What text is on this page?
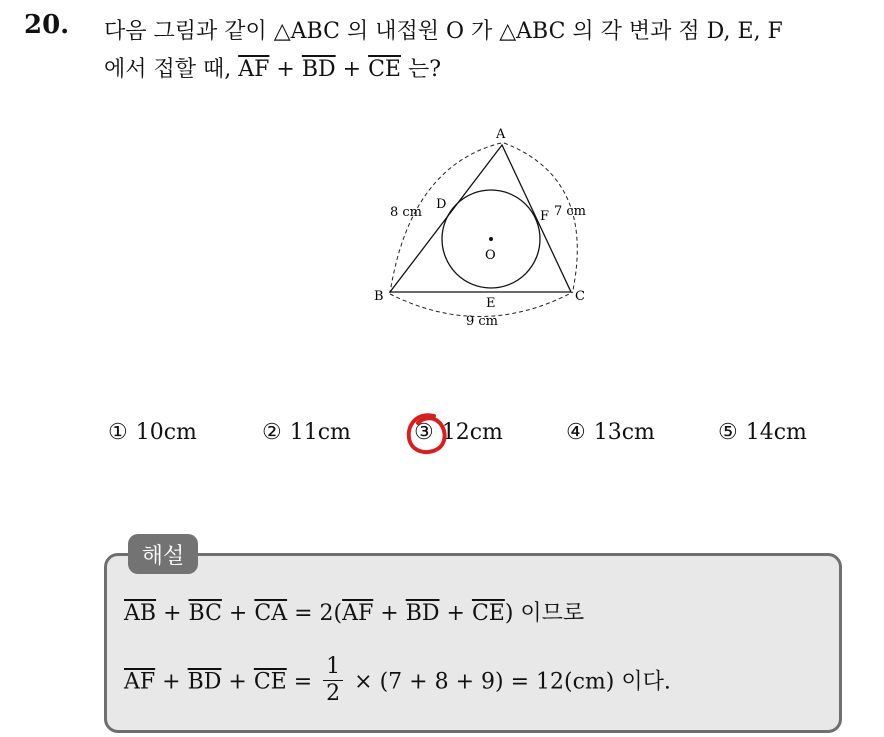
20. 다음 그림과 같이 △ABC 의 내접원 O 가 △ABC 의 각 변과 점 D, E, F
에서 접할 때, $\overline{AF} + \overline{BD} + \overline{CE}$ 는?
A
B	C
D
E
F
O
8 cm	7 cm
9 cm
① 10cm	② 11cm	③ 12cm	④ 13cm	⑤ 14cm
해설
$\overline{AB} + \overline{BC} + \overline{CA} = 2(\overline{AF} + \overline{BD} + \overline{CE})$ 이므로
$\overline{AF} + \overline{BD} + \overline{CE} = \frac{1}{2} \times (7 + 8 + 9) = 12(cm)$ 이다.
